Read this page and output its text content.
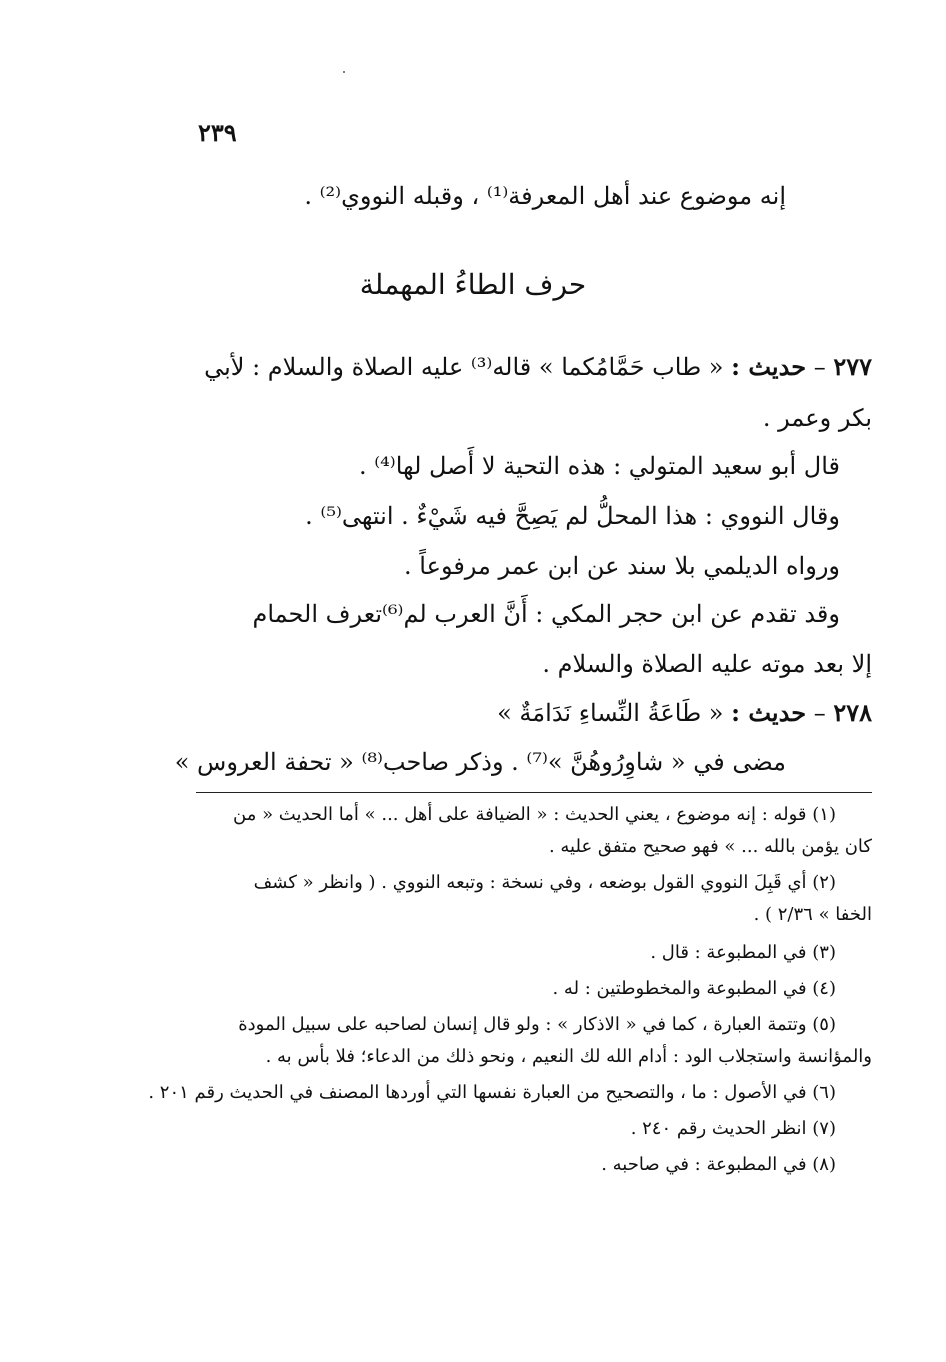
٢٣٩
إنه موضوع عند أهل المعرفة⁽¹⁾ ، وقبله النووي⁽²⁾ .
حرف الطاءُ المهملة
٢٧٧ – حديث : « طاب حَمَّامُكما » قاله⁽³⁾ عليه الصلاة والسلام : لأبي
بكر وعمر .
قال أبو سعيد المتولي : هذه التحية لا أَصل لها⁽⁴⁾ .
وقال النووي : هذا المحلُّ لم يَصِحَّ فيه شَيْءٌ . انتهى⁽⁵⁾ .
ورواه الديلمي بلا سند عن ابن عمر مرفوعاً .
وقد تقدم عن ابن حجر المكي : أَنَّ العرب لم⁽⁶⁾تعرف الحمام
إلا بعد موته عليه الصلاة والسلام .
٢٧٨ – حديث : « طَاعَةُ النِّساءِ نَدَامَةٌ »
مضى في « شاوِرُوهُنَّ »⁽⁷⁾ . وذكر صاحب⁽⁸⁾ « تحفة العروس »
(١) قوله : إنه موضوع ، يعني الحديث : « الضيافة على أهل ... » أما الحديث « من
كان يؤمن بالله ... » فهو صحيح متفق عليه .
(٢) أي قَبِلَ النووي القول بوضعه ، وفي نسخة : وتبعه النووي . ( وانظر « كشف
الخفا » ٢/٣٦ ) .
(٣) في المطبوعة : قال .
(٤) في المطبوعة والمخطوطتين : له .
(٥) وتتمة العبارة ، كما في « الاذكار » : ولو قال إنسان لصاحبه على سبيل المودة
والمؤانسة واستجلاب الود : أدام الله لك النعيم ، ونحو ذلك من الدعاء؛ فلا بأس به .
(٦) في الأصول : ما ، والتصحيح من العبارة نفسها التي أوردها المصنف في الحديث رقم ٢٠١ .
(٧) انظر الحديث رقم ٢٤٠ .
(٨) في المطبوعة : في صاحبه .
